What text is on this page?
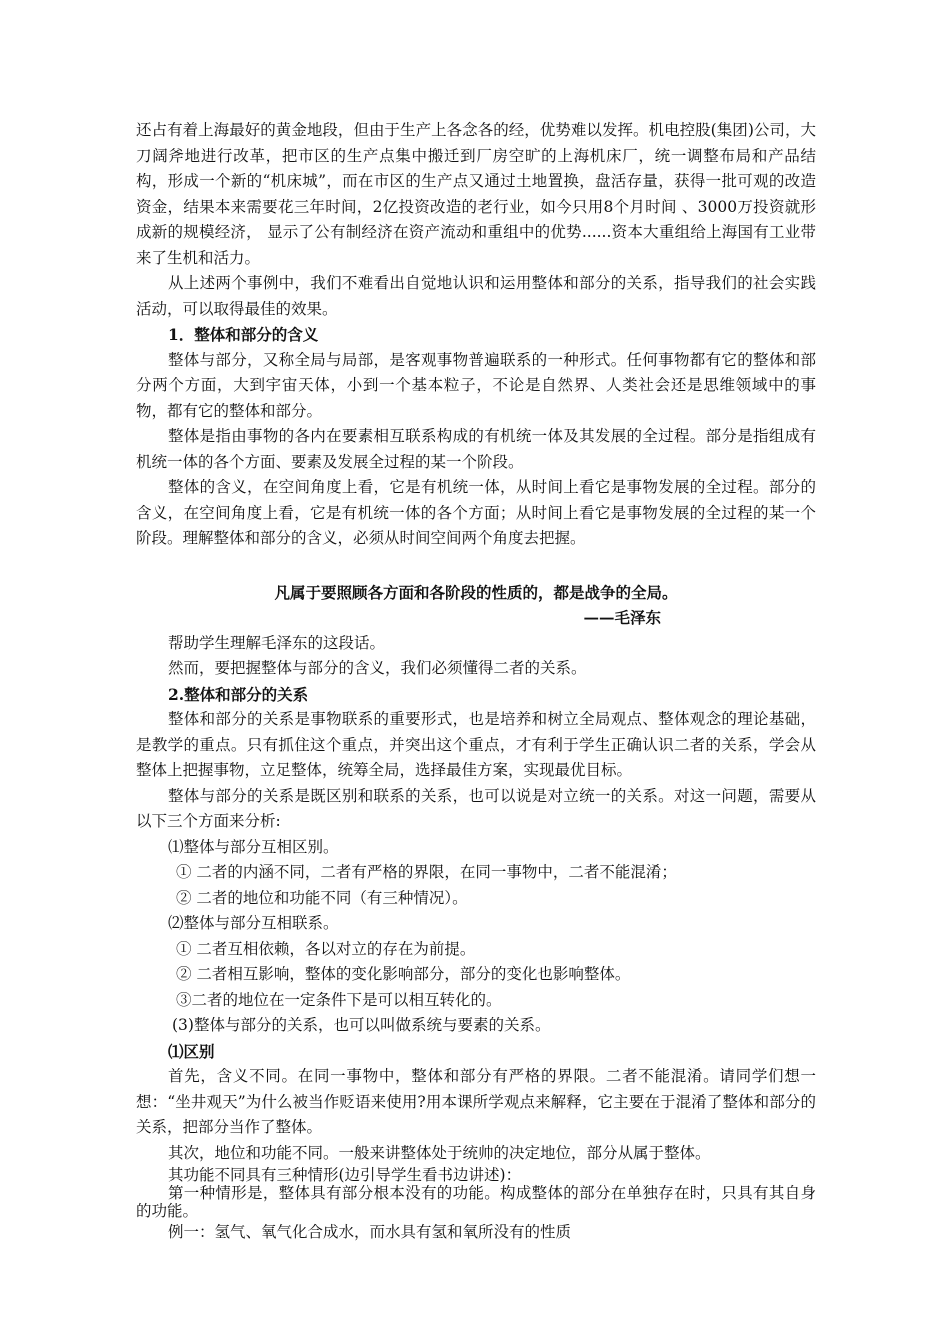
还占有着上海最好的黄金地段，但由于生产上各念各的经，优势难以发挥。机电控股(集团)公司，大刀阔斧地进行改革，把市区的生产点集中搬迁到厂房空旷的上海机床厂，统一调整布局和产品结构，形成一个新的“机床城”，而在市区的生产点又通过土地置换，盘活存量，获得一批可观的改造资金，结果本来需要花三年时间，2亿投资改造的老行业，如今只用8个月时间 、3000万投资就形成新的规模经济， 显示了公有制经济在资产流动和重组中的优势......资本大重组给上海国有工业带来了生机和活力。

从上述两个事例中，我们不难看出自觉地认识和运用整体和部分的关系，指导我们的社会实践活动，可以取得最佳的效果。

1．整体和部分的含义

整体与部分，又称全局与局部，是客观事物普遍联系的一种形式。任何事物都有它的整体和部分两个方面，大到宇宙天体，小到一个基本粒子，不论是自然界、人类社会还是思维领域中的事物，都有它的整体和部分。

整体是指由事物的各内在要素相互联系构成的有机统一体及其发展的全过程。部分是指组成有机统一体的各个方面、要素及发展全过程的某一个阶段。

整体的含义，在空间角度上看，它是有机统一体，从时间上看它是事物发展的全过程。部分的含义，在空间角度上看，它是有机统一体的各个方面；从时间上看它是事物发展的全过程的某一个阶段。理解整体和部分的含义，必须从时间空间两个角度去把握。

凡属于要照顾各方面和各阶段的性质的，都是战争的全局。

——毛泽东

帮助学生理解毛泽东的这段话。

然而，要把握整体与部分的含义，我们必须懂得二者的关系。

2.整体和部分的关系

整体和部分的关系是事物联系的重要形式，也是培养和树立全局观点、整体观念的理论基础，是教学的重点。只有抓住这个重点，并突出这个重点，才有利于学生正确认识二者的关系，学会从整体上把握事物，立足整体，统筹全局，选择最佳方案，实现最优目标。

整体与部分的关系是既区别和联系的关系，也可以说是对立统一的关系。对这一问题，需要从以下三个方面来分析:

⑴整体与部分互相区别。

① 二者的内涵不同，二者有严格的界限，在同一事物中，二者不能混淆；

② 二者的地位和功能不同（有三种情况）。

⑵整体与部分互相联系。

① 二者互相依赖，各以对立的存在为前提。

② 二者相互影响，整体的变化影响部分，部分的变化也影响整体。

③二者的地位在一定条件下是可以相互转化的。

(3)整体与部分的关系，也可以叫做系统与要素的关系。

⑴区别

首先，含义不同。在同一事物中，整体和部分有严格的界限。二者不能混淆。请同学们想一想：“坐井观天”为什么被当作贬语来使用?用本课所学观点来解释，它主要在于混淆了整体和部分的关系，把部分当作了整体。

其次，地位和功能不同。一般来讲整体处于统帅的决定地位，部分从属于整体。

其功能不同具有三种情形(边引导学生看书边讲述)：

第一种情形是，整体具有部分根本没有的功能。构成整体的部分在单独存在时，只具有其自身的功能。

例一：氢气、氧气化合成水，而水具有氢和氧所没有的性质
